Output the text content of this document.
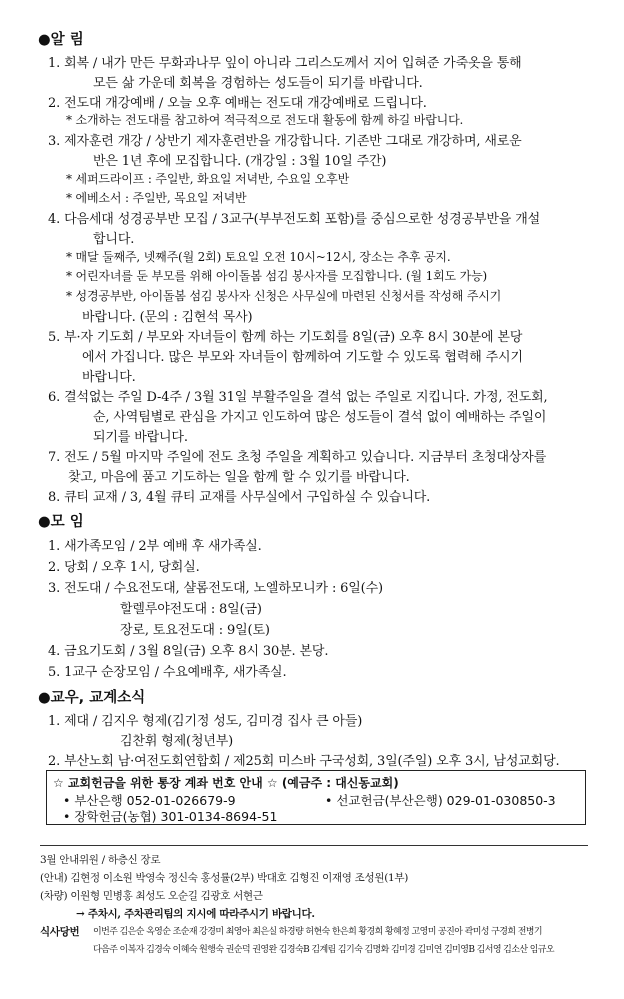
●알 림
1. 회복 / 내가 만든 무화과나무 잎이 아니라 그리스도께서 지어 입혀준 가죽옷을 통해
모든 삶 가운데 회복을 경험하는 성도들이 되기를 바랍니다.
2. 전도대 개강예배 / 오늘 오후 예배는 전도대 개강예배로 드립니다.
* 소개하는 전도대를 참고하여 적극적으로 전도대 활동에 함께 하길 바랍니다.
3. 제자훈련 개강 / 상반기 제자훈련반을 개강합니다. 기존반 그대로 개강하며, 새로운
반은 1년 후에 모집합니다. (개강일 : 3월 10일 주간)
* 세퍼드라이프 : 주일반, 화요일 저녁반, 수요일 오후반
* 에베소서 : 주일반, 목요일 저녁반
4. 다음세대 성경공부반 모집 / 3교구(부부전도회 포함)를 중심으로한 성경공부반을 개설
합니다.
* 매달 둘째주, 넷째주(월 2회) 토요일 오전 10시~12시, 장소는 추후 공지.
* 어린자녀를 둔 부모를 위해 아이돌봄 섬김 봉사자를 모집합니다. (월 1회도 가능)
* 성경공부반, 아이돌봄 섬김 봉사자 신청은 사무실에 마련된 신청서를 작성해 주시기
바랍니다. (문의 : 김현석 목사)
5. 부·자 기도회 / 부모와 자녀들이 함께 하는 기도회를 8일(금) 오후 8시 30분에 본당
에서 가집니다. 많은 부모와 자녀들이 함께하여 기도할 수 있도록 협력해 주시기
바랍니다.
6. 결석없는 주일 D-4주 / 3월 31일 부활주일을 결석 없는 주일로 지킵니다. 가정, 전도회,
순, 사역팀별로 관심을 가지고 인도하여 많은 성도들이 결석 없이 예배하는 주일이
되기를 바랍니다.
7. 전도 / 5월 마지막 주일에 전도 초청 주일을 계획하고 있습니다. 지금부터 초청대상자를
찾고, 마음에 품고 기도하는 일을 함께 할 수 있기를 바랍니다.
8. 큐티 교재 / 3, 4월 큐티 교재를 사무실에서 구입하실 수 있습니다.
●모 임
1. 새가족모임 / 2부 예배 후 새가족실.
2. 당회 / 오후 1시, 당회실.
3. 전도대 / 수요전도대, 샬롬전도대, 노엘하모니카 : 6일(수)
할렐루야전도대 : 8일(금)
장로, 토요전도대 : 9일(토)
4. 금요기도회 / 3월 8일(금) 오후 8시 30분. 본당.
5. 1교구 순장모임 / 수요예배후, 새가족실.
●교우, 교계소식
1. 제대 / 김지우 형제(김기정 성도, 김미경 집사 큰 아들)
김찬휘 형제(청년부)
2. 부산노회 남·여전도회연합회 / 제25회 미스바 구국성회, 3일(주일) 오후 3시, 남성교회당.
☆ 교회헌금을 위한 통장 계좌 번호 안내 ☆ (예금주 : 대신동교회)
• 부산은행 052-01-026679-9	• 선교헌금(부산은행) 029-01-030850-3
• 장학헌금(농협) 301-0134-8694-51
3월 안내위원 / 하층신 장로
(안내) 김현정 이소원 박영숙 정신숙 홍성률(2부) 박대호 김형진 이재영 조성원(1부)
(차량) 이원형 민병홍 최성도 오순길 김광호 서현근
→ 주차시, 주차관리팀의 지시에 따라주시기 바랍니다.
식사당번 이번주 김은순 옥영순 조순재 강경미 최영아 최은실 하경량 허현숙 한은희 황경희 황혜정 고영미 공진아 곽미성 구경희 전병기
다음주 이복자 김경숙 이혜숙 원행숙 권순덕 권영완 김경숙B 김계림 김기숙 김명화 김미경 김미연 김미영B 김서영 김소산 임규오
